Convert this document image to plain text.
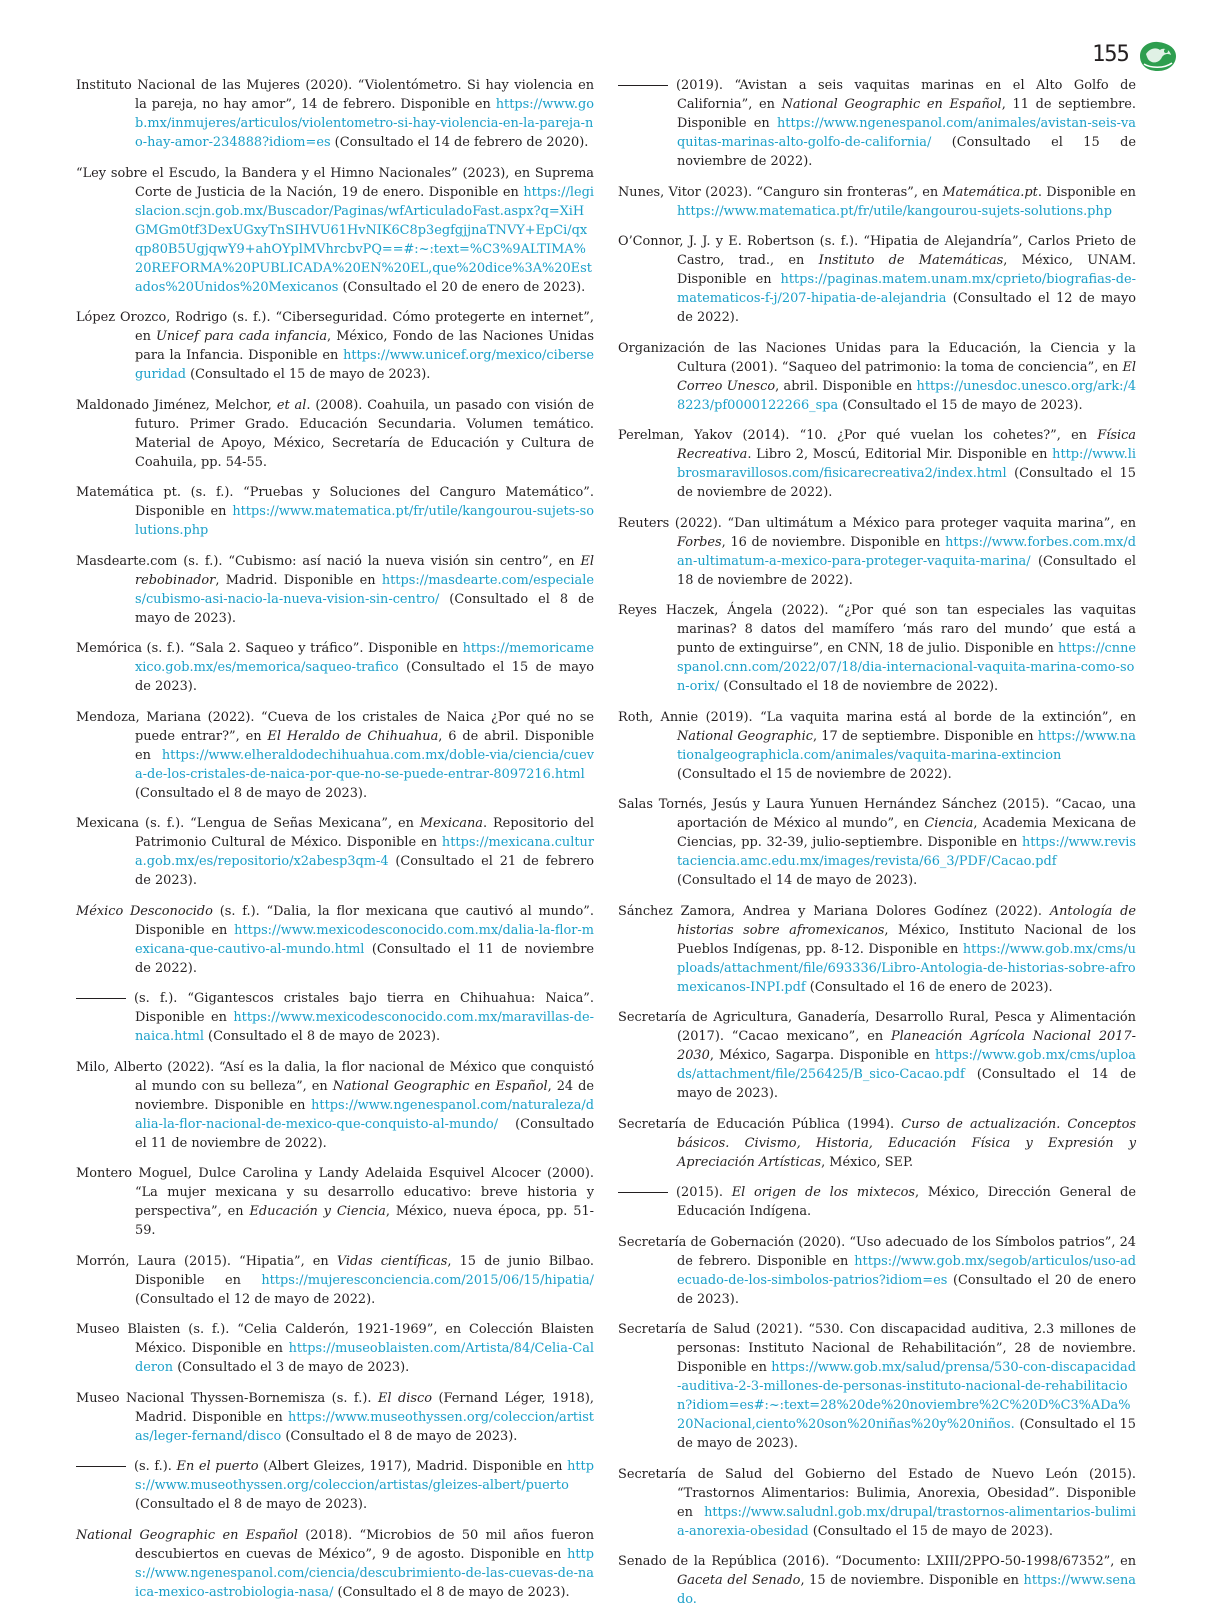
155

Instituto Nacional de las Mujeres (2020). “Violentómetro. Si hay violencia en la pareja, no hay amor”, 14 de febrero. Disponible en https://www.gob.mx/inmujeres/articulos/violentometro-si-hay-violencia-en-la-pareja-no-hay-amor-234888?idiom=es (Consultado el 14 de febrero de 2020).

“Ley sobre el Escudo, la Bandera y el Himno Nacionales” (2023), en Suprema Corte de Justicia de la Nación, 19 de enero. Disponible en https://legislacion.scjn.gob.mx/Buscador/Paginas/wfArticuladoFast.aspx?q=XiHGMGm0tf3DexUGxyTnSIHVU61HvNIK6C8p3egfgjjnaTNVY+EpCi/qxqp80B5UgjqwY9+ahOYplMVhrcbvPQ==#:~:text=%C3%9ALTIMA%20REFORMA%20PUBLICADA%20EN%20EL,que%20dice%3A%20Estados%20Unidos%20Mexicanos (Consultado el 20 de enero de 2023).

López Orozco, Rodrigo (s. f.). “Ciberseguridad. Cómo protegerte en internet”, en Unicef para cada infancia, México, Fondo de las Naciones Unidas para la Infancia. Disponible en https://www.unicef.org/mexico/ciberseguridad (Consultado el 15 de mayo de 2023).

Maldonado Jiménez, Melchor, et al. (2008). Coahuila, un pasado con visión de futuro. Primer Grado. Educación Secundaria. Volumen temático. Material de Apoyo, México, Secretaría de Educación y Cultura de Coahuila, pp. 54-55.

Matemática pt. (s. f.). “Pruebas y Soluciones del Canguro Matemático”. Disponible en https://www.matematica.pt/fr/utile/kangourou-sujets-solutions.php

Masdearte.com (s. f.). “Cubismo: así nació la nueva visión sin centro”, en El rebobinador, Madrid. Disponible en https://masdearte.com/especiales/cubismo-asi-nacio-la-nueva-vision-sin-centro/ (Consultado el 8 de mayo de 2023).

Memórica (s. f.). “Sala 2. Saqueo y tráfico”. Disponible en https://memoricamexico.gob.mx/es/memorica/saqueo-trafico (Consultado el 15 de mayo de 2023).

Mendoza, Mariana (2022). “Cueva de los cristales de Naica ¿Por qué no se puede entrar?”, en El Heraldo de Chihuahua, 6 de abril. Disponible en https://www.elheraldodechihuahua.com.mx/doble-via/ciencia/cueva-de-los-cristales-de-naica-por-que-no-se-puede-entrar-8097216.html (Consultado el 8 de mayo de 2023).

Mexicana (s. f.). “Lengua de Señas Mexicana”, en Mexicana. Repositorio del Patrimonio Cultural de México. Disponible en https://mexicana.cultura.gob.mx/es/repositorio/x2abesp3qm-4 (Consultado el 21 de febrero de 2023).

México Desconocido (s. f.). “Dalia, la flor mexicana que cautivó al mundo”. Disponible en https://www.mexicodesconocido.com.mx/dalia-la-flor-mexicana-que-cautivo-al-mundo.html (Consultado el 11 de noviembre de 2022).

(s. f.). “Gigantescos cristales bajo tierra en Chihuahua: Naica”. Disponible en https://www.mexicodesconocido.com.mx/maravillas-de-naica.html (Consultado el 8 de mayo de 2023).

Milo, Alberto (2022). “Así es la dalia, la flor nacional de México que conquistó al mundo con su belleza”, en National Geographic en Español, 24 de noviembre. Disponible en https://www.ngenespanol.com/naturaleza/dalia-la-flor-nacional-de-mexico-que-conquisto-al-mundo/ (Consultado el 11 de noviembre de 2022).

Montero Moguel, Dulce Carolina y Landy Adelaida Esquivel Alcocer (2000). “La mujer mexicana y su desarrollo educativo: breve historia y perspectiva”, en Educación y Ciencia, México, nueva época, pp. 51-59.

Morrón, Laura (2015). “Hipatia”, en Vidas científicas, 15 de junio Bilbao. Disponible en https://mujeresconciencia.com/2015/06/15/hipatia/ (Consultado el 12 de mayo de 2022).

Museo Blaisten (s. f.). “Celia Calderón, 1921-1969”, en Colección Blaisten México. Disponible en https://museoblaisten.com/Artista/84/Celia-Calderon (Consultado el 3 de mayo de 2023).

Museo Nacional Thyssen-Bornemisza (s. f.). El disco (Fernand Léger, 1918), Madrid. Disponible en https://www.museothyssen.org/coleccion/artistas/leger-fernand/disco (Consultado el 8 de mayo de 2023).

(s. f.). En el puerto (Albert Gleizes, 1917), Madrid. Disponible en https://www.museothyssen.org/coleccion/artistas/gleizes-albert/puerto (Consultado el 8 de mayo de 2023).

National Geographic en Español (2018). “Microbios de 50 mil años fueron descubiertos en cuevas de México”, 9 de agosto. Disponible en https://www.ngenespanol.com/ciencia/descubrimiento-de-las-cuevas-de-naica-mexico-astrobiologia-nasa/ (Consultado el 8 de mayo de 2023).

(2019). “Avistan a seis vaquitas marinas en el Alto Golfo de California”, en National Geographic en Español, 11 de septiembre. Disponible en https://www.ngenespanol.com/animales/avistan-seis-vaquitas-marinas-alto-golfo-de-california/ (Consultado el 15 de noviembre de 2022).

Nunes, Vitor (2023). “Canguro sin fronteras”, en Matemática.pt. Disponible en https://www.matematica.pt/fr/utile/kangourou-sujets-solutions.php

O’Connor, J. J. y E. Robertson (s. f.). “Hipatia de Alejandría”, Carlos Prieto de Castro, trad., en Instituto de Matemáticas, México, UNAM. Disponible en https://paginas.matem.unam.mx/cprieto/biografias-de-matematicos-f-j/207-hipatia-de-alejandria (Consultado el 12 de mayo de 2022).

Organización de las Naciones Unidas para la Educación, la Ciencia y la Cultura (2001). “Saqueo del patrimonio: la toma de conciencia”, en El Correo Unesco, abril. Disponible en https://unesdoc.unesco.org/ark:/48223/pf0000122266_spa (Consultado el 15 de mayo de 2023).

Perelman, Yakov (2014). “10. ¿Por qué vuelan los cohetes?”, en Física Recreativa. Libro 2, Moscú, Editorial Mir. Disponible en http://www.librosmaravillosos.com/fisicarecreativa2/index.html (Consultado el 15 de noviembre de 2022).

Reuters (2022). “Dan ultimátum a México para proteger vaquita marina”, en Forbes, 16 de noviembre. Disponible en https://www.forbes.com.mx/dan-ultimatum-a-mexico-para-proteger-vaquita-marina/ (Consultado el 18 de noviembre de 2022).

Reyes Haczek, Ángela (2022). “¿Por qué son tan especiales las vaquitas marinas? 8 datos del mamífero ‘más raro del mundo’ que está a punto de extinguirse”, en CNN, 18 de julio. Disponible en https://cnnespanol.cnn.com/2022/07/18/dia-internacional-vaquita-marina-como-son-orix/ (Consultado el 18 de noviembre de 2022).

Roth, Annie (2019). “La vaquita marina está al borde de la extinción”, en National Geographic, 17 de septiembre. Disponible en https://www.nationalgeographicla.com/animales/vaquita-marina-extincion (Consultado el 15 de noviembre de 2022).

Salas Tornés, Jesús y Laura Yunuen Hernández Sánchez (2015). “Cacao, una aportación de México al mundo”, en Ciencia, Academia Mexicana de Ciencias, pp. 32-39, julio-septiembre. Disponible en https://www.revistaciencia.amc.edu.mx/images/revista/66_3/PDF/Cacao.pdf (Consultado el 14 de mayo de 2023).

Sánchez Zamora, Andrea y Mariana Dolores Godínez (2022). Antología de historias sobre afromexicanos, México, Instituto Nacional de los Pueblos Indígenas, pp. 8-12. Disponible en https://www.gob.mx/cms/uploads/attachment/file/693336/Libro-Antologia-de-historias-sobre-afromexicanos-INPI.pdf (Consultado el 16 de enero de 2023).

Secretaría de Agricultura, Ganadería, Desarrollo Rural, Pesca y Alimentación (2017). “Cacao mexicano”, en Planeación Agrícola Nacional 2017-2030, México, Sagarpa. Disponible en https://www.gob.mx/cms/uploads/attachment/file/256425/B_sico-Cacao.pdf (Consultado el 14 de mayo de 2023).

Secretaría de Educación Pública (1994). Curso de actualización. Conceptos básicos. Civismo, Historia, Educación Física y Expresión y Apreciación Artísticas, México, SEP.

(2015). El origen de los mixtecos, México, Dirección General de Educación Indígena.

Secretaría de Gobernación (2020). “Uso adecuado de los Símbolos patrios”, 24 de febrero. Disponible en https://www.gob.mx/segob/articulos/uso-adecuado-de-los-simbolos-patrios?idiom=es (Consultado el 20 de enero de 2023).

Secretaría de Salud (2021). “530. Con discapacidad auditiva, 2.3 millones de personas: Instituto Nacional de Rehabilitación”, 28 de noviembre. Disponible en https://www.gob.mx/salud/prensa/530-con-discapacidad-auditiva-2-3-millones-de-personas-instituto-nacional-de-rehabilitacion?idiom=es#:~:text=28%20de%20noviembre%2C%20D%C3%ADa%20Nacional,ciento%20son%20niñas%20y%20niños. (Consultado el 15 de mayo de 2023).

Secretaría de Salud del Gobierno del Estado de Nuevo León (2015). “Trastornos Alimentarios: Bulimia, Anorexia, Obesidad”. Disponible en https://www.saludnl.gob.mx/drupal/trastornos-alimentarios-bulimia-anorexia-obesidad (Consultado el 15 de mayo de 2023).

Senado de la República (2016). “Documento: LXIII/2PPO-50-1998/67352”, en Gaceta del Senado, 15 de noviembre. Disponible en https://www.senado.
